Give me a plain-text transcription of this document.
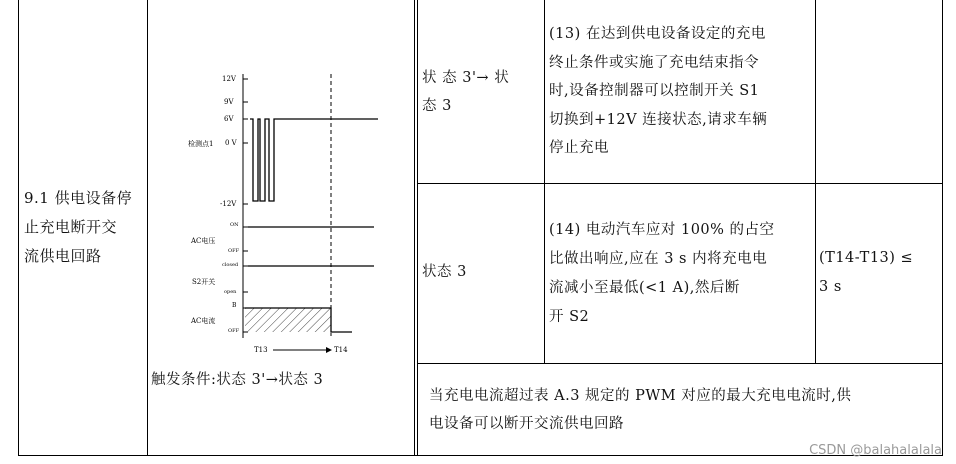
9.1 供电设备停
止充电断开交
流供电回路
12V
9V
6V
检测点1 0 V
-12V
ON
AC电压
OFF
closed
S2开关
open
B
AC电流
OFF
T13	T14
触发条件:状态 3'→状态 3
状 态 3'→ 状
态 3
(13) 在达到供电设备设定的充电
终止条件或实施了充电结束指令
时,设备控制器可以控制开关 S1
切换到+12V 连接状态,请求车辆
停止充电
状态 3
(14) 电动汽车应对 100% 的占空
比做出响应,应在 3 s 内将充电电
流减小至最低(<1 A),然后断
开 S2
(T14-T13) ≤
3 s
当充电电流超过表 A.3 规定的 PWM 对应的最大充电电流时,供
电设备可以断开交流供电回路
CSDN @balahalalala
